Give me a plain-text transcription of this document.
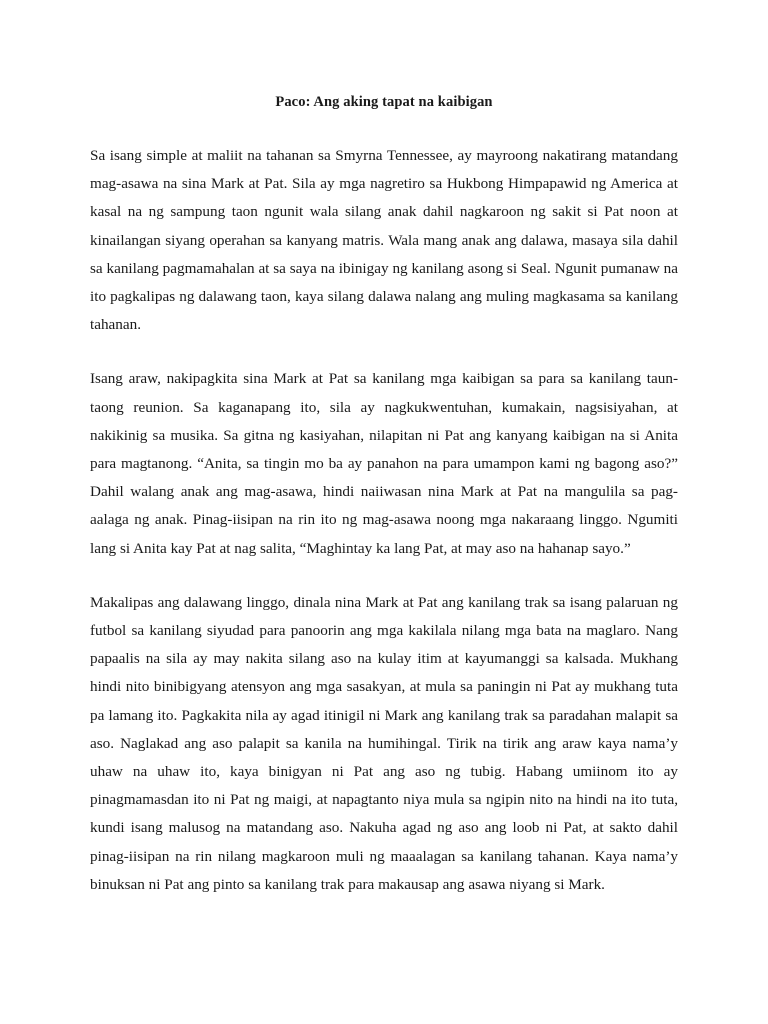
Paco: Ang aking tapat na kaibigan

Sa isang simple at maliit na tahanan sa Smyrna Tennessee, ay mayroong nakatirang matandang mag-asawa na sina Mark at Pat. Sila ay mga nagretiro sa Hukbong Himpapawid ng America at kasal na ng sampung taon ngunit wala silang anak dahil nagkaroon ng sakit si Pat noon at kinailangan siyang operahan sa kanyang matris. Wala mang anak ang dalawa, masaya sila dahil sa kanilang pagmamahalan at sa saya na ibinigay ng kanilang asong si Seal. Ngunit pumanaw na ito pagkalipas ng dalawang taon, kaya silang dalawa nalang ang muling magkasama sa kanilang tahanan.

Isang araw, nakipagkita sina Mark at Pat sa kanilang mga kaibigan sa para sa kanilang taun-taong reunion. Sa kaganapang ito, sila ay nagkukwentuhan, kumakain, nagsisiyahan, at nakikinig sa musika. Sa gitna ng kasiyahan, nilapitan ni Pat ang kanyang kaibigan na si Anita para magtanong. “Anita, sa tingin mo ba ay panahon na para umampon kami ng bagong aso?” Dahil walang anak ang mag-asawa, hindi naiiwasan nina Mark at Pat na mangulila sa pag-aalaga ng anak. Pinag-iisipan na rin ito ng mag-asawa noong mga nakaraang linggo. Ngumiti lang si Anita kay Pat at nag salita, “Maghintay ka lang Pat, at may aso na hahanap sayo.”

Makalipas ang dalawang linggo, dinala nina Mark at Pat ang kanilang trak sa isang palaruan ng futbol sa kanilang siyudad para panoorin ang mga kakilala nilang mga bata na maglaro. Nang papaalis na sila ay may nakita silang aso na kulay itim at kayumanggi sa kalsada. Mukhang hindi nito binibigyang atensyon ang mga sasakyan, at mula sa paningin ni Pat ay mukhang tuta pa lamang ito. Pagkakita nila ay agad itinigil ni Mark ang kanilang trak sa paradahan malapit sa aso. Naglakad ang aso palapit sa kanila na humihingal. Tirik na tirik ang araw kaya nama’y uhaw na uhaw ito, kaya binigyan ni Pat ang aso ng tubig. Habang umiinom ito ay pinagmamasdan ito ni Pat ng maigi, at napagtanto niya mula sa ngipin nito na hindi na ito tuta, kundi isang malusog na matandang aso. Nakuha agad ng aso ang loob ni Pat, at sakto dahil pinag-iisipan na rin nilang magkaroon muli ng maaalagan sa kanilang tahanan. Kaya nama’y binuksan ni Pat ang pinto sa kanilang trak para makausap ang asawa niyang si Mark.
